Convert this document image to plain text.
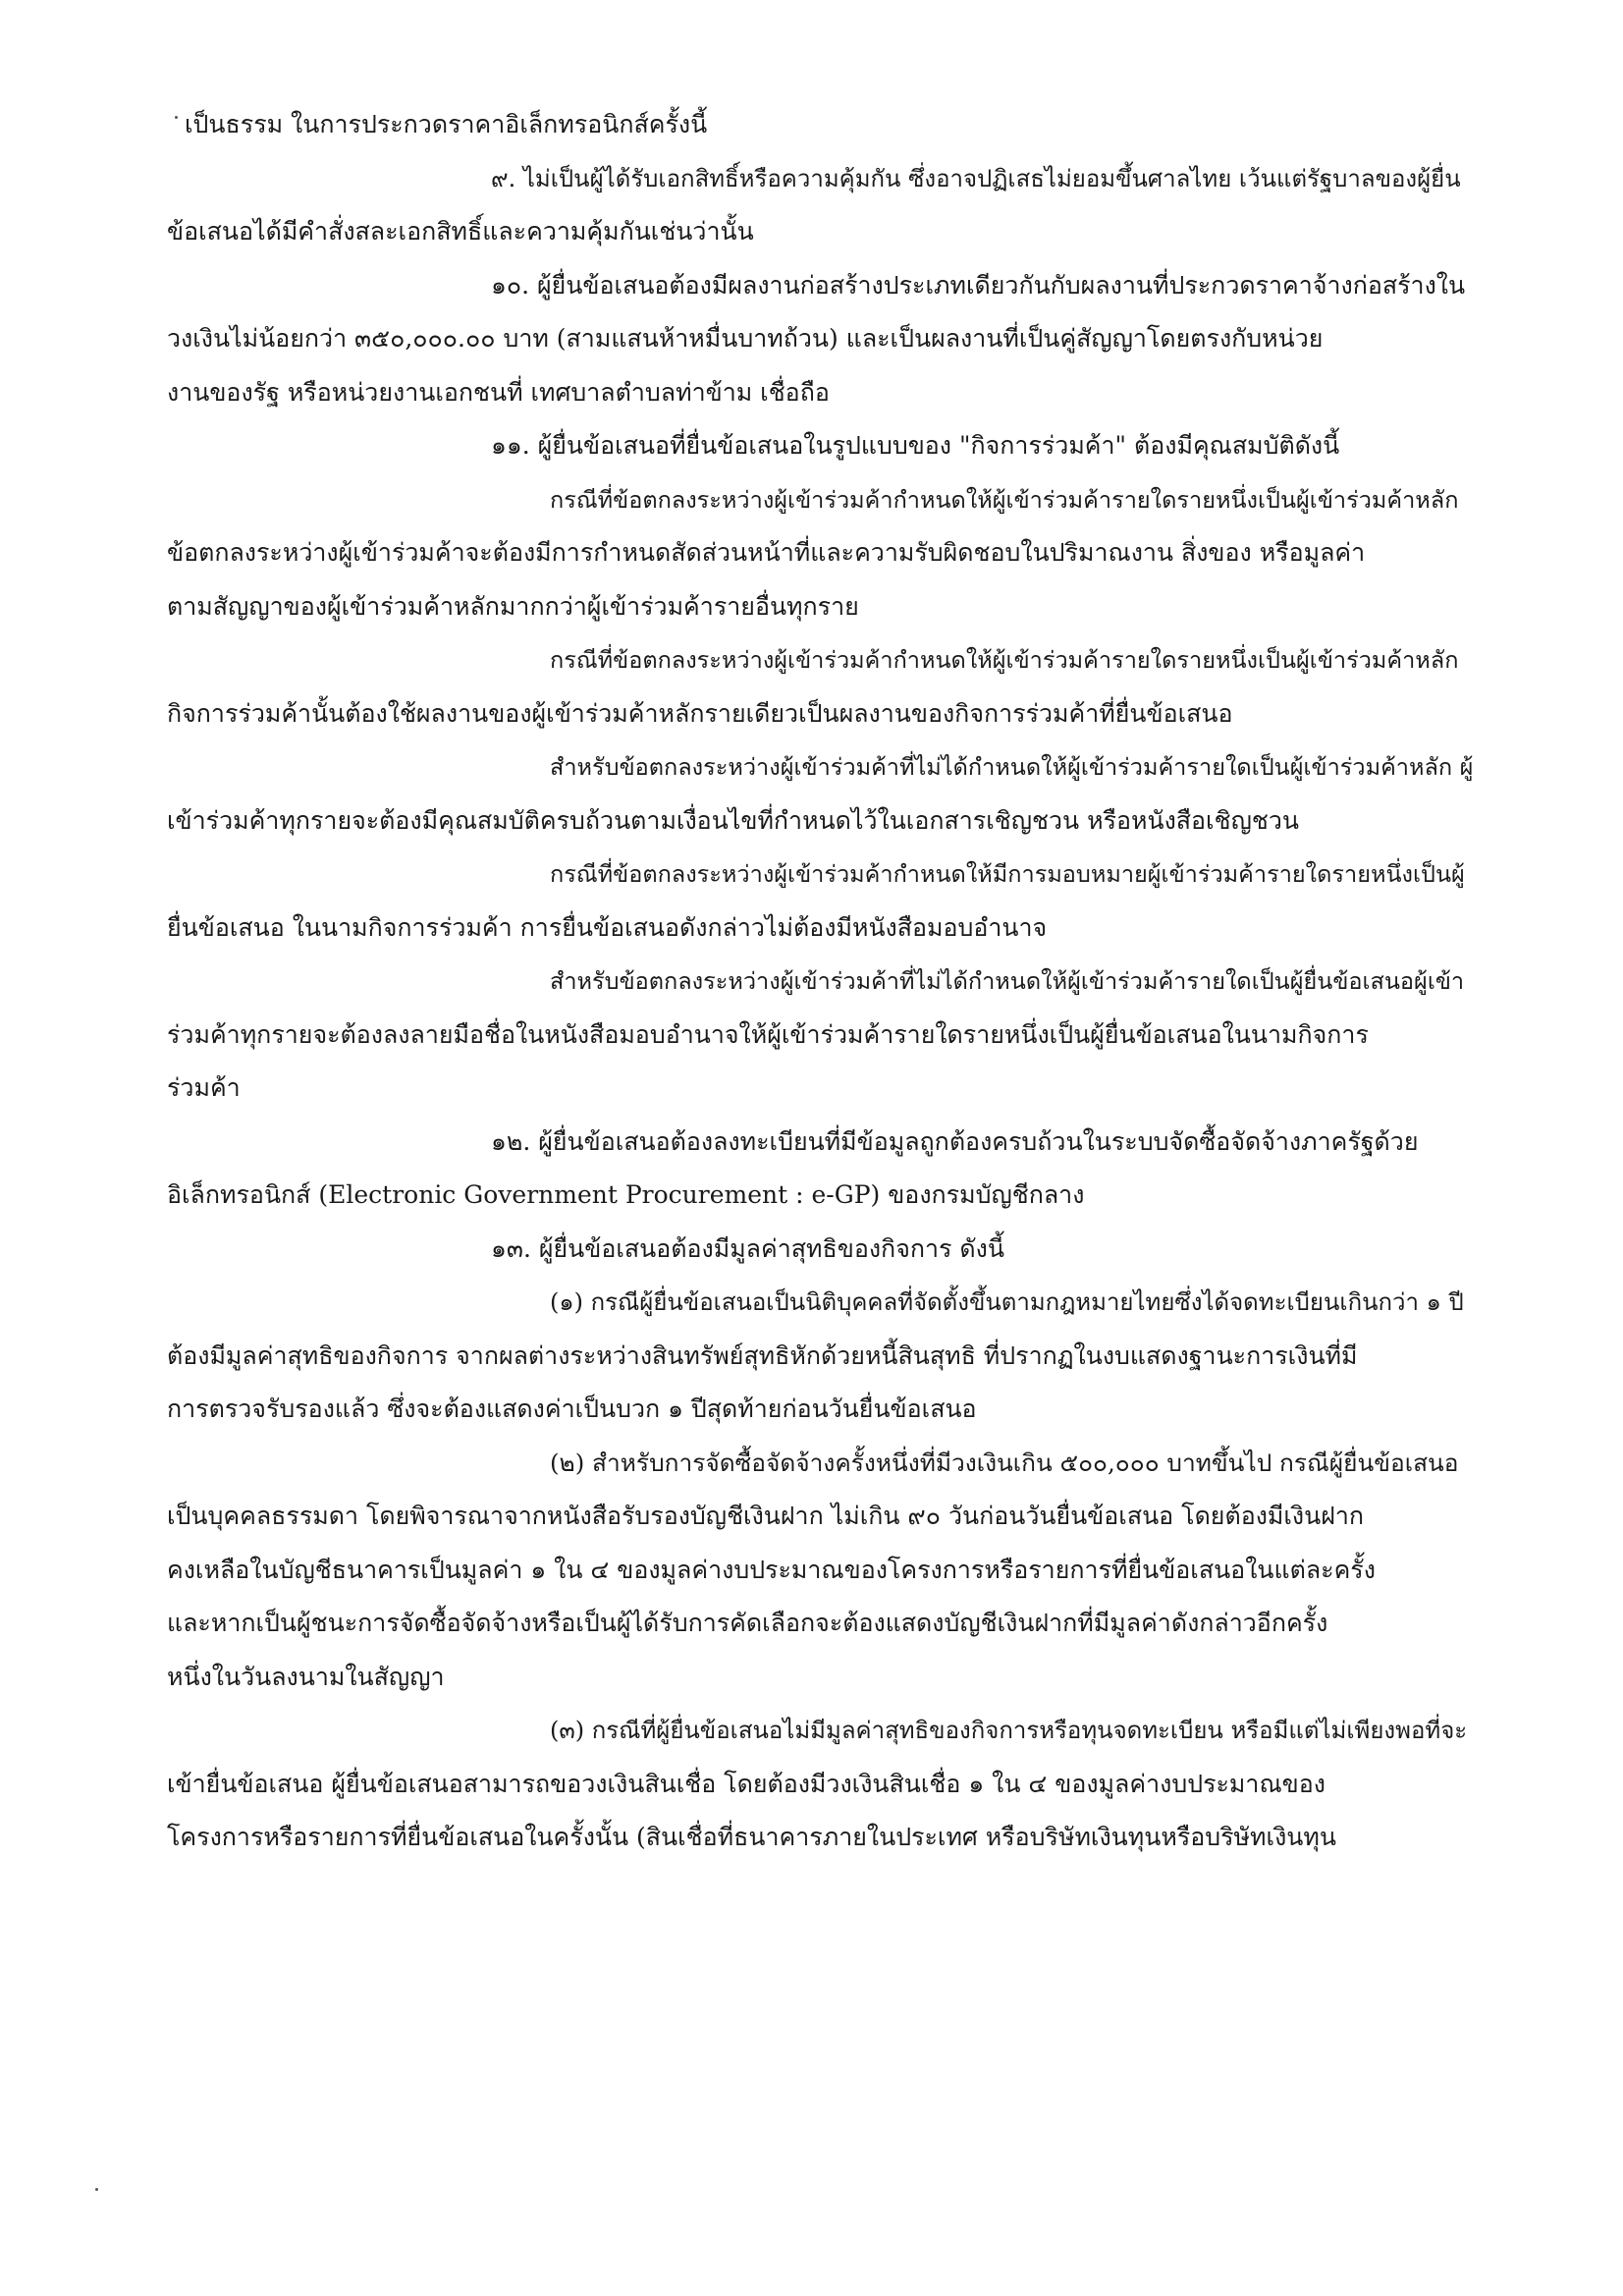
เป็นธรรม ในการประกวดราคาอิเล็กทรอนิกส์ครั้งนี้
๙. ไม่เป็นผู้ได้รับเอกสิทธิ์หรือความคุ้มกัน ซึ่งอาจปฏิเสธไม่ยอมขึ้นศาลไทย เว้นแต่รัฐบาลของผู้ยื่น
ข้อเสนอได้มีคำสั่งสละเอกสิทธิ์และความคุ้มกันเช่นว่านั้น
๑๐. ผู้ยื่นข้อเสนอต้องมีผลงานก่อสร้างประเภทเดียวกันกับผลงานที่ประกวดราคาจ้างก่อสร้างใน
วงเงินไม่น้อยกว่า ๓๕๐,๐๐๐.๐๐ บาท (สามแสนห้าหมื่นบาทถ้วน) และเป็นผลงานที่เป็นคู่สัญญาโดยตรงกับหน่วย
งานของรัฐ หรือหน่วยงานเอกชนที่ เทศบาลตำบลท่าข้าม เชื่อถือ
๑๑. ผู้ยื่นข้อเสนอที่ยื่นข้อเสนอในรูปแบบของ "กิจการร่วมค้า" ต้องมีคุณสมบัติดังนี้
กรณีที่ข้อตกลงระหว่างผู้เข้าร่วมค้ากำหนดให้ผู้เข้าร่วมค้ารายใดรายหนึ่งเป็นผู้เข้าร่วมค้าหลัก
ข้อตกลงระหว่างผู้เข้าร่วมค้าจะต้องมีการกำหนดสัดส่วนหน้าที่และความรับผิดชอบในปริมาณงาน สิ่งของ หรือมูลค่า
ตามสัญญาของผู้เข้าร่วมค้าหลักมากกว่าผู้เข้าร่วมค้ารายอื่นทุกราย
กรณีที่ข้อตกลงระหว่างผู้เข้าร่วมค้ากำหนดให้ผู้เข้าร่วมค้ารายใดรายหนึ่งเป็นผู้เข้าร่วมค้าหลัก
กิจการร่วมค้านั้นต้องใช้ผลงานของผู้เข้าร่วมค้าหลักรายเดียวเป็นผลงานของกิจการร่วมค้าที่ยื่นข้อเสนอ
สำหรับข้อตกลงระหว่างผู้เข้าร่วมค้าที่ไม่ได้กำหนดให้ผู้เข้าร่วมค้ารายใดเป็นผู้เข้าร่วมค้าหลัก ผู้
เข้าร่วมค้าทุกรายจะต้องมีคุณสมบัติครบถ้วนตามเงื่อนไขที่กำหนดไว้ในเอกสารเชิญชวน หรือหนังสือเชิญชวน
กรณีที่ข้อตกลงระหว่างผู้เข้าร่วมค้ากำหนดให้มีการมอบหมายผู้เข้าร่วมค้ารายใดรายหนึ่งเป็นผู้
ยื่นข้อเสนอ ในนามกิจการร่วมค้า การยื่นข้อเสนอดังกล่าวไม่ต้องมีหนังสือมอบอำนาจ
สำหรับข้อตกลงระหว่างผู้เข้าร่วมค้าที่ไม่ได้กำหนดให้ผู้เข้าร่วมค้ารายใดเป็นผู้ยื่นข้อเสนอผู้เข้า
ร่วมค้าทุกรายจะต้องลงลายมือชื่อในหนังสือมอบอำนาจให้ผู้เข้าร่วมค้ารายใดรายหนึ่งเป็นผู้ยื่นข้อเสนอในนามกิจการ
ร่วมค้า
๑๒. ผู้ยื่นข้อเสนอต้องลงทะเบียนที่มีข้อมูลถูกต้องครบถ้วนในระบบจัดซื้อจัดจ้างภาครัฐด้วย
อิเล็กทรอนิกส์ (Electronic Government Procurement : e-GP) ของกรมบัญชีกลาง
๑๓. ผู้ยื่นข้อเสนอต้องมีมูลค่าสุทธิของกิจการ ดังนี้
(๑) กรณีผู้ยื่นข้อเสนอเป็นนิติบุคคลที่จัดตั้งขึ้นตามกฎหมายไทยซึ่งได้จดทะเบียนเกินกว่า ๑ ปี
ต้องมีมูลค่าสุทธิของกิจการ จากผลต่างระหว่างสินทรัพย์สุทธิหักด้วยหนี้สินสุทธิ ที่ปรากฏในงบแสดงฐานะการเงินที่มี
การตรวจรับรองแล้ว ซึ่งจะต้องแสดงค่าเป็นบวก ๑ ปีสุดท้ายก่อนวันยื่นข้อเสนอ
(๒) สำหรับการจัดซื้อจัดจ้างครั้งหนึ่งที่มีวงเงินเกิน ๕๐๐,๐๐๐ บาทขึ้นไป กรณีผู้ยื่นข้อเสนอ
เป็นบุคคลธรรมดา โดยพิจารณาจากหนังสือรับรองบัญชีเงินฝาก ไม่เกิน ๙๐ วันก่อนวันยื่นข้อเสนอ โดยต้องมีเงินฝาก
คงเหลือในบัญชีธนาคารเป็นมูลค่า ๑ ใน ๔ ของมูลค่างบประมาณของโครงการหรือรายการที่ยื่นข้อเสนอในแต่ละครั้ง
และหากเป็นผู้ชนะการจัดซื้อจัดจ้างหรือเป็นผู้ได้รับการคัดเลือกจะต้องแสดงบัญชีเงินฝากที่มีมูลค่าดังกล่าวอีกครั้ง
หนึ่งในวันลงนามในสัญญา
(๓) กรณีที่ผู้ยื่นข้อเสนอไม่มีมูลค่าสุทธิของกิจการหรือทุนจดทะเบียน หรือมีแต่ไม่เพียงพอที่จะ
เข้ายื่นข้อเสนอ ผู้ยื่นข้อเสนอสามารถขอวงเงินสินเชื่อ โดยต้องมีวงเงินสินเชื่อ ๑ ใน ๔ ของมูลค่างบประมาณของ
โครงการหรือรายการที่ยื่นข้อเสนอในครั้งนั้น (สินเชื่อที่ธนาคารภายในประเทศ หรือบริษัทเงินทุนหรือบริษัทเงินทุน
